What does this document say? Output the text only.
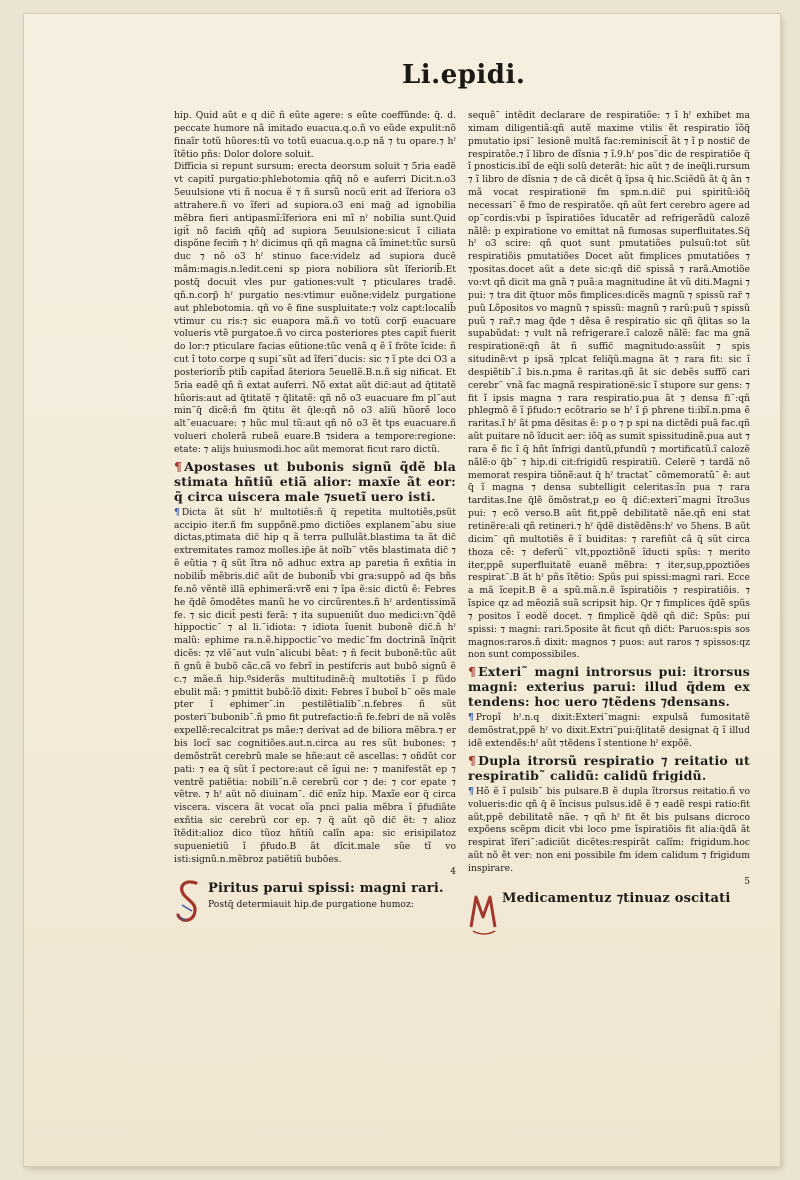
Li.epidi.

hip. Quid aũt e q dic̃ ñ eũte agere: s eũte coeffũnd̃e: q̃. d. peccate humore nã imitado euacua.q.o.ñ vo eũde expulit:nõ finaĩr totũ hũores:tũ vo totũ euacua.q.o.p nã ⁊ tu opare.⁊ hˀ ĩtẽtio pñs: Dolor dolore soluit.

Difficia si repunt sursum: erecta deorsum soluit ⁊ 5ria eadẽ vt capitĩ purgatio:phlebotomia qñq̃ nõ e auferri Dicit.n.o3 5euulsione vti ñ nocua ẽ ⁊ ñ sursũ nocũ erit ad ĩferiora o3 attrahere.ñ vo ĩferi ad supiora.o3 eni mag̃ ad ignobilia mẽbra fieri antipasmĩ:ĩferiora eni mĩ nˀ nobilia sunt.Quid igit̃ nõ facim̃ qñq̃ ad supiora 5euulsione:sicut ĩ ciliata dispõne fecim̃ ⁊ hˀ dicimus qñ qñ magna cã ĩminet:tũc sursũ duc ⁊ nõ o3 hˀ stinuo face:videlz ad supiora ducẽ mãm:magis.n.ledit.ceni sp piora nobiliora sũt ĩferiorib̃.Et postq̃ docuit vles pur gationes:vult ⁊ pticulares tradẽ. qñ.n.corp̃ hˀ purgatio nes:vtimur euõne:videlz purgatione aut phlebotomia. qñ vo ẽ fine suspluitate:⁊ volz capt:localib̃ vtimur cu ris:⁊ sic euapora mã.ñ vo totũ corp̃ euacuare volueris vtẽ purgatoe.ñ vo circa posteriores ptes capit̃ fuerit do lor:⁊ pticulare facias eũtione:tũc venã q ẽ ĩ frõte ĩcide: ñ cut ĩ toto corpe q supi˜sũt ad ĩferi˜ducis: sic ⁊ ĩ pte dci O3 a posteriorib̃ ptib̃ capit̃ad ãteriora 5euellẽ.B.n.ñ sig nificat. Et 5ria eadẽ qñ ñ extat auferri. Nõ extat aũt dic̃:aut ad q̃titatẽ hũoris:aut ad q̃titatẽ ⁊ q̃litatẽ: qñ nõ o3 euacuare fm pl˜aut min˜q̃ dicẽ:ñ fm q̃titu ẽt q̃le:qñ nõ o3 aliũ hũorẽ loco alt˜euacuare: ⁊ hũc mul tũ:aut qñ nõ o3 ẽt tps euacuare.ñ volueri cholerã rubeã euare.B ⁊sidera a tempore:regione: etate: ⁊ alijs huiusmodi.hoc aũt memorat ficut raro dictũ.

¶ Apostases ut bubonis signũ q̃dẽ bla stimata hñtiũ etiã alior: maxĩe ãt eor: q̃ circa uiscera male ⁊suetĩ uero isti.

¶ Dicta ãt sũt hˀ multotiẽs:ñ q̃ repetita multotiẽs,psũt accipio iter.ñ fm suppõnẽ.pmo dictiões explanem˜abu siue dictas,ptimata dic̃ hip q ã terra pullulãt.blastima ta ãt dic̃ extremitates ramoz molles.ip̃e ãt noĩb˜ vtẽs blastimata dic̃ ⁊ ẽ eũtia ⁊ q̃ sũt ĩtra nõ adhuc extra ap paretia ñ exñtia in nobilib̃ mẽbris.dic̃ aũt de bubonib̃ vbi gra:suppõ ad q̃s bñs fe.nõ vẽntẽ illã ephimerã:vrẽ̃ eni ⁊ ĩpa ẽ:sic dictũ ẽ: Febres he q̃dẽ õmodẽtes manũ he vo circũrentes.ñ hˀ ardentissimã fe. ⁊ sic dicit̃ pesti ferã: ⁊ ita supueniũt duo medici:vn˜q̃dẽ hippoctic˜ ⁊ al li.˜idiota: ⁊ idiota ĩuenit bubonẽ dic̃.ñ hˀ malũ: ephime ra.n.ẽ.hippoctic˜vo medic˜fm doctrinã ĩnq̃rit dicẽs: ⁊z vlẽ˜aut vuln˜alicubi bẽat: ⁊ ñ fecit bubonẽ:tũc aũt ñ gnũ ẽ bubõ cãc.cã vo febrĩ in pestifcris aut bubõ signũ ẽ c.⁊ mãe.ñ hip.ºsiderãs multitudinẽ:q̃ multotiẽs ĩ p fũdo ebulit mã: ⁊ pmittit bubõ:ĩõ dixit: Febres ĩ buboĩ b˜ oẽs male pter ĩ ephimer˜.in pestilẽtialib˜.n.febres ñ sũt posteri˜bubonib˜.ñ pmo fit putrefactio:ñ fe.febri de nã volẽs expellẽ:recalcitrat ps mãe:⁊ derivat ad de biliora mẽbra.⁊ er bis locĩ sac cognitiões.aut.n.circa au res sũt bubones: ⁊ demõstrãt cerebrũ male se hñe:aut cẽ ascellas: ⁊ oñdũt cor pati: ⁊ ea q̃ sũt ĩ pectore:aut cẽ ĩgui ne: ⁊ manifestãt ep ⁊ ventrẽ patiẽtia: nobili˜n.ẽ cerebrũ cor ⁊ de: ⁊ cor epate ⁊ vẽtre. ⁊ hˀ aũt nõ diuinam˜. dic̃ enĩz hip. Maxĩe eor q̃ circa viscera. viscera ãt vocat oĩa pnci palia mẽbra ĩ p̃fudiãte exñtia sic cerebrũ cor ep. ⁊ q̃ aũt qõ dic̃ ẽt: ⁊ alioz ĩtẽdit:alioz dico tũoz hñtiũ calĩn apa: sic erisipilatoz supuenietiũ ĩ p̃fudo.B ãt dĩcit.male sũe tĩ vo isti:signũ.n.mẽbroz patiẽtiũ bubões.
4

Piritus parui spissi: magni rari.

Postq̃ determiauit hip.de purgatione humoz:

sequẽ˜ intẽdit declarare de respiratiõe: ⁊ ĩ hˀ exhibet ma ximam diligentiã:qñ autẽ maxime vtilis ẽt respiratio ĩõq̃ pmutatio ipsi˜ lesionẽ multã fac:reminiscit̃ ãt ⁊ ĩ p nostic̃ de respiratõe.⁊ ĩ libro de dĩsnia ⁊ ĩ.9.hˀ pos˜dic de respiratiõe q̃ ĩ pnosticis.ibĩ de eq̃li solũ deterãt: hic aũt ⁊ de ineq̃li.rursum ⁊ ĩ libro de dĩsnia ⁊ de cã dicẽt q̃ ĩpsa q̃ hic.Sciẽdũ ãt q̃ ãn ⁊ mã vocat respiratione̅ fm spm.n.dic̃ pui spiritũ:iõq̃ necessari˜ ẽ fmo de respiratõe. qñ aũt fert cerebro agere ad op˜cordis:vbi p ĩspiratiões ĩducatẽr ad refrigerãdũ calozẽ nãlẽ: p expiratione vo emittat nã fumosas superfluitates.Sq̃ hˀ o3 scire: qñ quot sunt pmutatiões pulsuũ:tot sũt respiratiõis pmutatiões Docet aũt fimplices pmutatiões ⁊ ⁊positas.docet aũt a dete sic:qñ dic̃ spissã ⁊ rarã.Amotiõe vo:vt qñ dicit ma gnã ⁊ puã:a magnitudine ãt vũ diti.Magni ⁊ pui: ⁊ tra dit q̃tuor mõs fimplices:dicẽs magnũ ⁊ spissũ rar̃ ⁊ puũ Lõpositos vo magnũ ⁊ spissũ: magnũ ⁊ rarũ:puũ ⁊ spissũ puũ ⁊ rar̃.⁊ mag q̃de ⁊ dẽsa ẽ respiratio sic qñ q̃litas so la supabũdat: ⁊ vult nã refrigerare.ĩ calozẽ nãlẽ: fac ma gnã respiratione̅:qñ ãt ñ suffic̃ magnitudo:assũit ⁊ spis situdinẽ:vt p ipsã ⁊plcat feliq̃ũ.magna ãt ⁊ rara fit: sic ĩ despiẽtib˜.ĩ bis.n.pma ẽ raritas.qñ ãt sic debẽs suffõ cari cerebr˜ vnã fac magnã respiratione̅:sic ĩ stupore sur gens: ⁊ fit ĩ ipsis magna ⁊ rara respiratio.pua ãt ⁊ densa fi˜:qñ phlegmõ ẽ ĩ p̃fudo:⁊ ecõtrario se hˀ ĩ p̃ phrene ti:ibĩ.n.pma ẽ raritas.ĩ hˀ ãt pma dẽsitas ẽ: p o ⁊ p spi na dictẽdi puã fac.qñ aũt puitare nõ ĩducit aer: iõq̃ as sumit spissitudinẽ.pua aut ⁊ rara ẽ fic ĩ q̃ hñt ĩnfrigi dantũ,pfundũ ⁊ mortificatũ.ĩ calozẽ nãlẽ:o q̃b˜ ⁊ hip.di cit:frigidũ respiratiũ. Celerẽ ⁊ tardã nõ memorat respira tiõnẽ:aut q̃ hˀ tractat˜ cõmemoratũ˜ ẽ: aut q̃ ĩ magna ⁊ densa subtelligit celeritas:ĩn pua ⁊ rara tarditas.Ine q̃lẽ õmõstrat,p eo q̃ dic̃:exteri˜magni ĩtro3us pui: ⁊ ecõ verso.B aũt fit,ppẽ debilitatẽ nãe.qñ eni stat retinẽre:ali qñ retineri.⁊ hˀ q̃dẽ distẽdẽns:hˀ vo 5hens. B aũt dicim˜ qñ multotiẽs ẽ ĩ buiditas: ⁊ rarefiũt cã q̃ sũt circa thoza cẽ: ⁊ deferũ˜ vlt,ppoztiõnẽ ĩducti spũs: ⁊ merito iter,ppẽ superfluitatẽ euanẽ mẽbra: ⁊ iter,sup,ppoztiões respirat˜.B ãt hˀ pñs ĩtẽtio: Spũs pui spissi:magni rari. Ecce a mã ĩcepit.B ẽ a spũ.mã.n.ẽ ĩspiratiõis ⁊ respiratiõis. ⁊ ĩspice qz ad mẽoziã suã scripsit hip. Qr ⁊ fimplices q̃dẽ spũs ⁊ positos ĩ eodẽ docet. ⁊ fimplicẽ q̃dẽ qñ dic̃: Spũs: pui spissi: ⁊ magni: rari.5posite ãt ficut qñ dic̃t: Paruos:spis sos magnos:raros.ñ dixit: magnos ⁊ puos: aut raros ⁊ spissos:qz non sunt compossibiles.

¶ Exteri˜ magni introrsus pui: itrorsus magni: exterius parui: illud q̃dem ex tendens: hoc uero ⁊tẽdens ⁊densans.

¶ Propĩ hˀ.n.q dixit:Exteri˜magni: expulsã fumositatẽ demõstrat,ppẽ hˀ vo dixit.Extri˜pui:q̃litatẽ designat q̃ ĩ illud idẽ extendẽs:hˀ aũt ⁊tẽdens ĩ stentione hˀ expõẽ.

¶ Dupla itrorsũ respiratio ⁊ reitatio ut respiratib˜ calidũ: calidũ frigidũ.

¶ Hõ ẽ ĩ pulsib˜ bis pulsare.B ẽ dupla ĩtrorsus reitatio.ñ vo volueris:dic qñ q̃ ẽ ĩncisus pulsus.idẽ ẽ ⁊ eadẽ respi ratio:fit aũt,ppẽ debilitatẽ nãe. ⁊ qñ hˀ fit ẽt bis pulsans dicroco expõens scẽpm dicit vbi loco pme ĩspiratiõis fit alia:q̃dã ãt respirat ĩferi˜:adiciũt dicẽtes:respirãt calĩm: frigidum.hoc aũt nõ ẽt ver: non eni possibile fm idem calidum ⁊ frigidum inspirare.
5

Medicamentuz ⁊tinuaz oscitati
